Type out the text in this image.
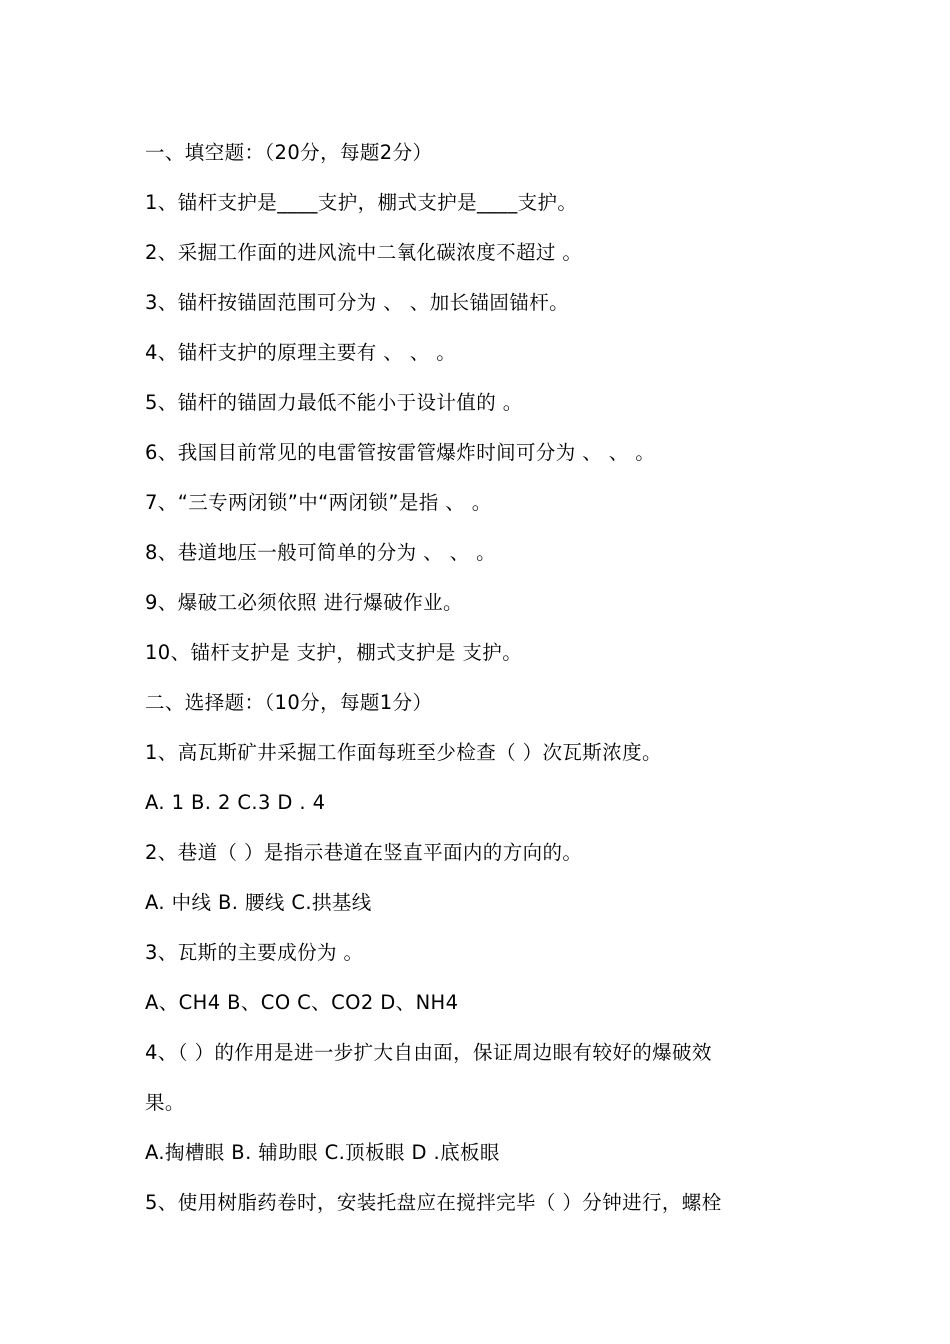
一、填空题：（20分，每题2分）
1、锚杆支护是____支护，棚式支护是____支护。
2、采掘工作面的进风流中二氧化碳浓度不超过 。
3、锚杆按锚固范围可分为 、 、加长锚固锚杆。
4、锚杆支护的原理主要有 、 、 。
5、锚杆的锚固力最低不能小于设计值的 。
6、我国目前常见的电雷管按雷管爆炸时间可分为 、 、 。
7、“三专两闭锁”中“两闭锁”是指 、 。
8、巷道地压一般可简单的分为 、 、 。
9、爆破工必须依照 进行爆破作业。
10、锚杆支护是 支护，棚式支护是 支护。
二、选择题：（10分，每题1分）
1、高瓦斯矿井采掘工作面每班至少检查（ ）次瓦斯浓度。
A. 1 B. 2 C.3 D . 4
2、巷道（ ）是指示巷道在竖直平面内的方向的。
A. 中线 B. 腰线 C.拱基线
3、瓦斯的主要成份为 。
A、CH4 B、CO C、CO2 D、NH4
4、（ ）的作用是进一步扩大自由面，保证周边眼有较好的爆破效
果。
A.掏槽眼 B. 辅助眼 C.顶板眼 D .底板眼
5、使用树脂药卷时，安装托盘应在搅拌完毕（ ）分钟进行，螺栓
